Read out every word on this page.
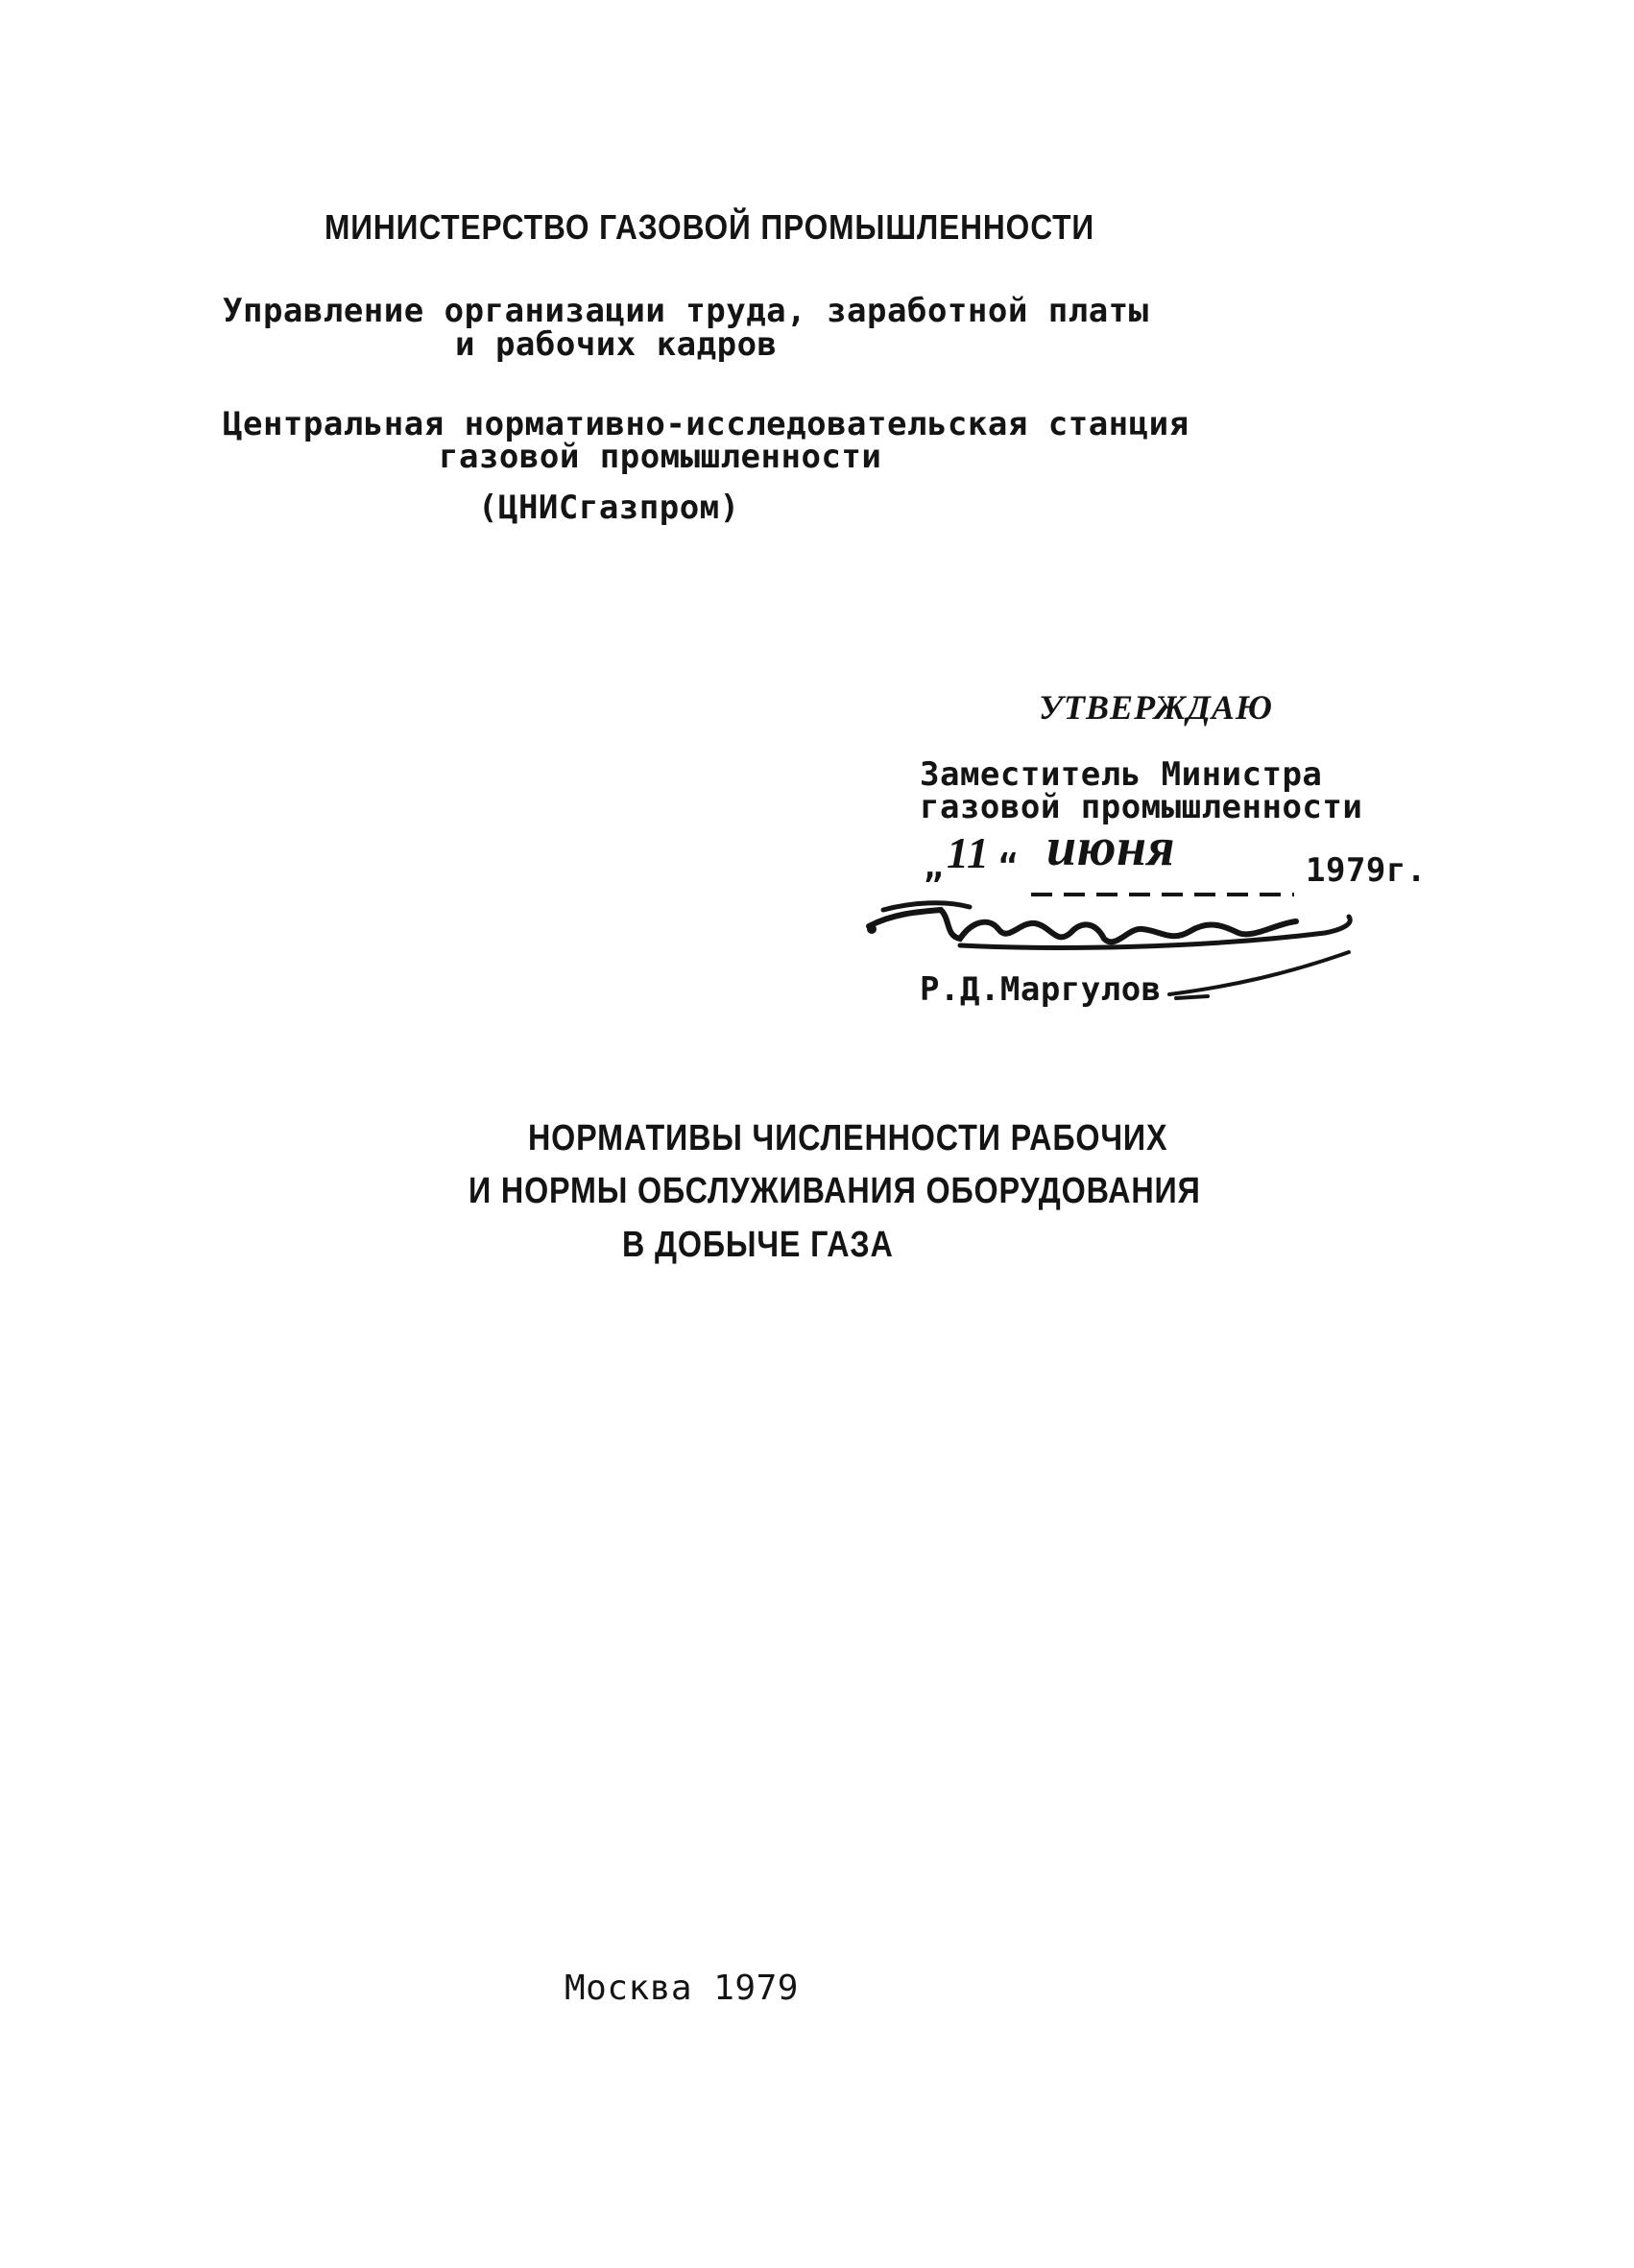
МИНИСТЕРСТВО ГАЗОВОЙ ПРОМЫШЛЕННОСТИ
Управление организации труда, заработной платы
и рабочих кадров
Центральная нормативно-исследовательская станция
газовой промышленности
(ЦНИСгазпром)
УТВЕРЖДАЮ
Заместитель Министра
газовой промышленности
„ 11 “ июня	1979г.
Р.Д.Маргулов
НОРМАТИВЫ ЧИСЛЕННОСТИ РАБОЧИХ
И НОРМЫ ОБСЛУЖИВАНИЯ ОБОРУДОВАНИЯ
В ДОБЫЧЕ ГАЗА
Москва 1979
